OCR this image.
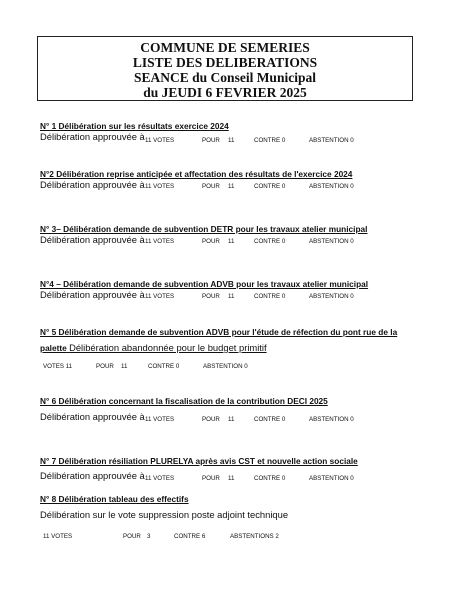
COMMUNE DE SEMERIES
LISTE DES DELIBERATIONS
SEANCE du Conseil Municipal
du JEUDI 6 FEVRIER 2025
N° 1 Délibération sur les résultats exercice 2024
Délibération approuvée à 11 VOTES	POUR 11	CONTRE 0	ABSTENTION 0
N°2 Délibération reprise anticipée et affectation des résultats de l'exercice 2024
Délibération approuvée à 11 VOTES	POUR 11	CONTRE 0	ABSTENTION 0
N° 3– Délibération demande de subvention DETR pour les travaux atelier municipal
Délibération approuvée à 11 VOTES	POUR 11	CONTRE 0	ABSTENTION 0
N°4 – Délibération demande de subvention ADVB pour les travaux atelier municipal
Délibération approuvée à 11 VOTES	POUR 11	CONTRE 0	ABSTENTION 0
N° 5 Délibération demande de subvention ADVB pour l'étude de réfection du pont rue de la palette Délibération abandonnée pour le budget primitif
VOTES 11	POUR 11	CONTRE 0	ABSTENTION 0
N° 6 Délibération concernant la fiscalisation de la contribution DECI 2025
Délibération approuvée à 11 VOTES	POUR 11	CONTRE 0	ABSTENTION 0
N° 7 Délibération résiliation PLURELYA après avis CST et nouvelle action sociale
Délibération approuvée à 11 VOTES	POUR 11	CONTRE 0	ABSTENTION 0
N° 8 Délibération tableau des effectifs
Délibération sur le vote suppression poste adjoint technique
11 VOTES	POUR 3	CONTRE 6	ABSTENTIONS 2
